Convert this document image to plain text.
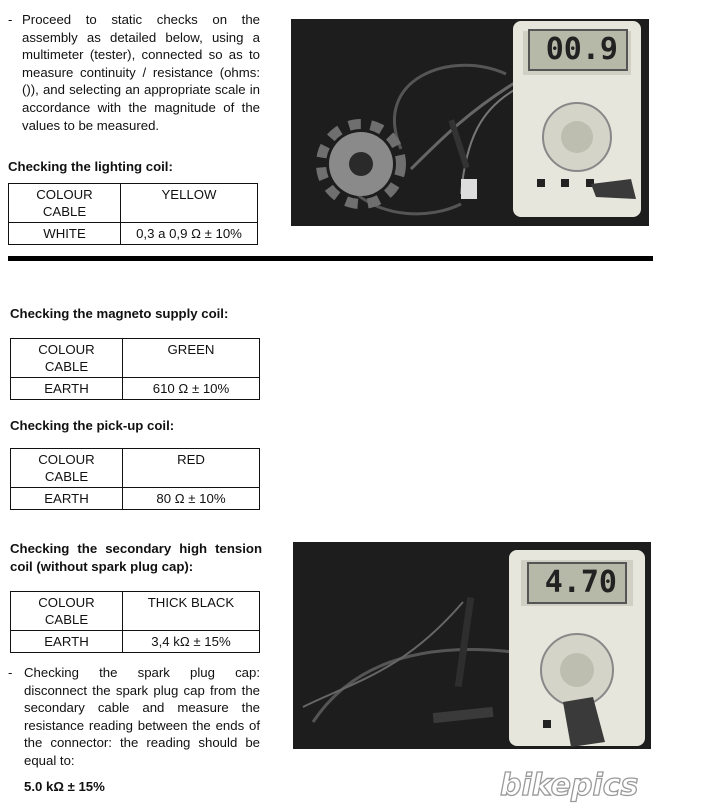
- Proceed to static checks on the assembly as detailed below, using a multimeter (tester), connected so as to measure continuity / resistance (ohms: ()), and selecting an appropriate scale in accordance with the magnitude of the values to be measured.

Checking the lighting coil:

COLOUR CABLE	YELLOW
WHITE	0,3 a 0,9 Ω ± 10%
00.9

Checking the magneto supply coil:

COLOUR CABLE	GREEN
EARTH	610 Ω ± 10%

Checking the pick-up coil:

COLOUR CABLE	RED
EARTH	80 Ω ± 10%

Checking the secondary high tension coil (without spark plug cap):

COLOUR CABLE	THICK BLACK
EARTH	3,4 kΩ ± 15%
- Checking the spark plug cap: disconnect the spark plug cap from the secondary cable and measure the resistance reading between the ends of the connector: the reading should be equal to:

5.0 kΩ ± 15%

4.70
bikepics
